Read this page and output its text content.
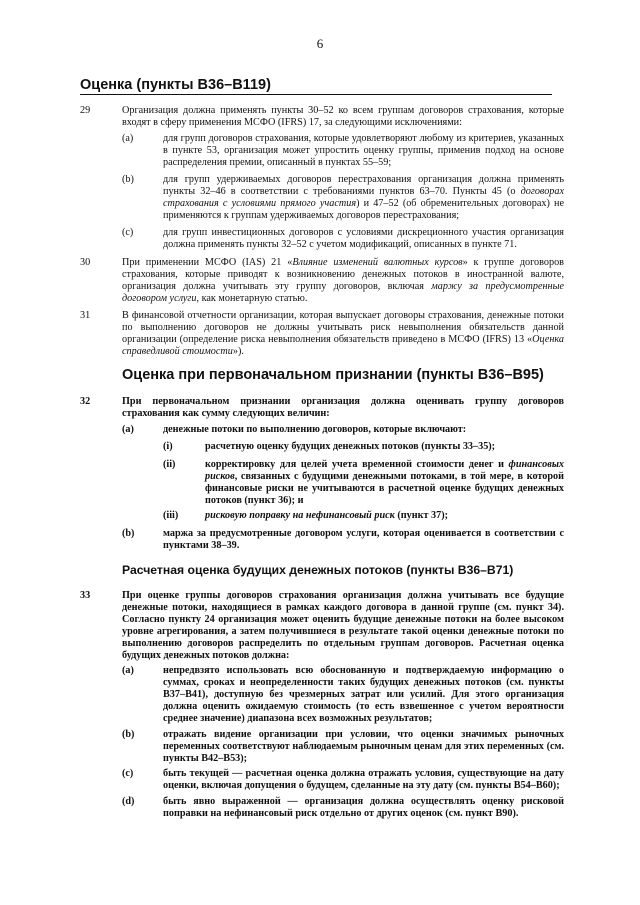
6
Оценка (пункты В36–В119)
29	Организация должна применять пункты 30–52 ко всем группам договоров страхования, которые входят в сферу применения МСФО (IFRS) 17, за следующими исключениями:
(a)	для групп договоров страхования, которые удовлетворяют любому из критериев, указанных в пункте 53, организация может упростить оценку группы, применив подход на основе распределения премии, описанный в пунктах 55–59;
(b)	для групп удерживаемых договоров перестрахования организация должна применять пункты 32–46 в соответствии с требованиями пунктов 63–70. Пункты 45 (о договорах страхования с условиями прямого участия) и 47–52 (об обременительных договорах) не применяются к группам удерживаемых договоров перестрахования;
(c)	для групп инвестиционных договоров с условиями дискреционного участия организация должна применять пункты 32–52 с учетом модификаций, описанных в пункте 71.
30	При применении МСФО (IAS) 21 «Влияние изменений валютных курсов» к группе договоров страхования, которые приводят к возникновению денежных потоков в иностранной валюте, организация должна учитывать эту группу договоров, включая маржу за предусмотренные договором услуги, как монетарную статью.
31	В финансовой отчетности организации, которая выпускает договоры страхования, денежные потоки по выполнению договоров не должны учитывать риск невыполнения обязательств данной организации (определение риска невыполнения обязательств приведено в МСФО (IFRS) 13 «Оценка справедливой стоимости»).
Оценка при первоначальном признании (пункты В36–В95)
32	При первоначальном признании организация должна оценивать группу договоров страхования как сумму следующих величин:
(a)	денежные потоки по выполнению договоров, которые включают:
(i)	расчетную оценку будущих денежных потоков (пункты 33–35);
(ii)	корректировку для целей учета временной стоимости денег и финансовых рисков, связанных с будущими денежными потоками, в той мере, в которой финансовые риски не учитываются в расчетной оценке будущих денежных потоков (пункт 36); и
(iii)	рисковую поправку на нефинансовый риск (пункт 37);
(b)	маржа за предусмотренные договором услуги, которая оценивается в соответствии с пунктами 38–39.
Расчетная оценка будущих денежных потоков (пункты В36–В71)
33	При оценке группы договоров страхования организация должна учитывать все будущие денежные потоки, находящиеся в рамках каждого договора в данной группе (см. пункт 34). Согласно пункту 24 организация может оценить будущие денежные потоки на более высоком уровне агрегирования, а затем получившиеся в результате такой оценки денежные потоки по выполнению договоров распределить по отдельным группам договоров. Расчетная оценка будущих денежных потоков должна:
(a)	непредвзято использовать всю обоснованную и подтверждаемую информацию о суммах, сроках и неопределенности таких будущих денежных потоков (см. пункты В37–В41), доступную без чрезмерных затрат или усилий. Для этого организация должна оценить ожидаемую стоимость (то есть взвешенное с учетом вероятности среднее значение) диапазона всех возможных результатов;
(b)	отражать видение организации при условии, что оценки значимых рыночных переменных соответствуют наблюдаемым рыночным ценам для этих переменных (см. пункты В42–В53);
(c)	быть текущей — расчетная оценка должна отражать условия, существующие на дату оценки, включая допущения о будущем, сделанные на эту дату (см. пункты В54–В60);
(d)	быть явно выраженной — организация должна осуществлять оценку рисковой поправки на нефинансовый риск отдельно от других оценок (см. пункт В90).
